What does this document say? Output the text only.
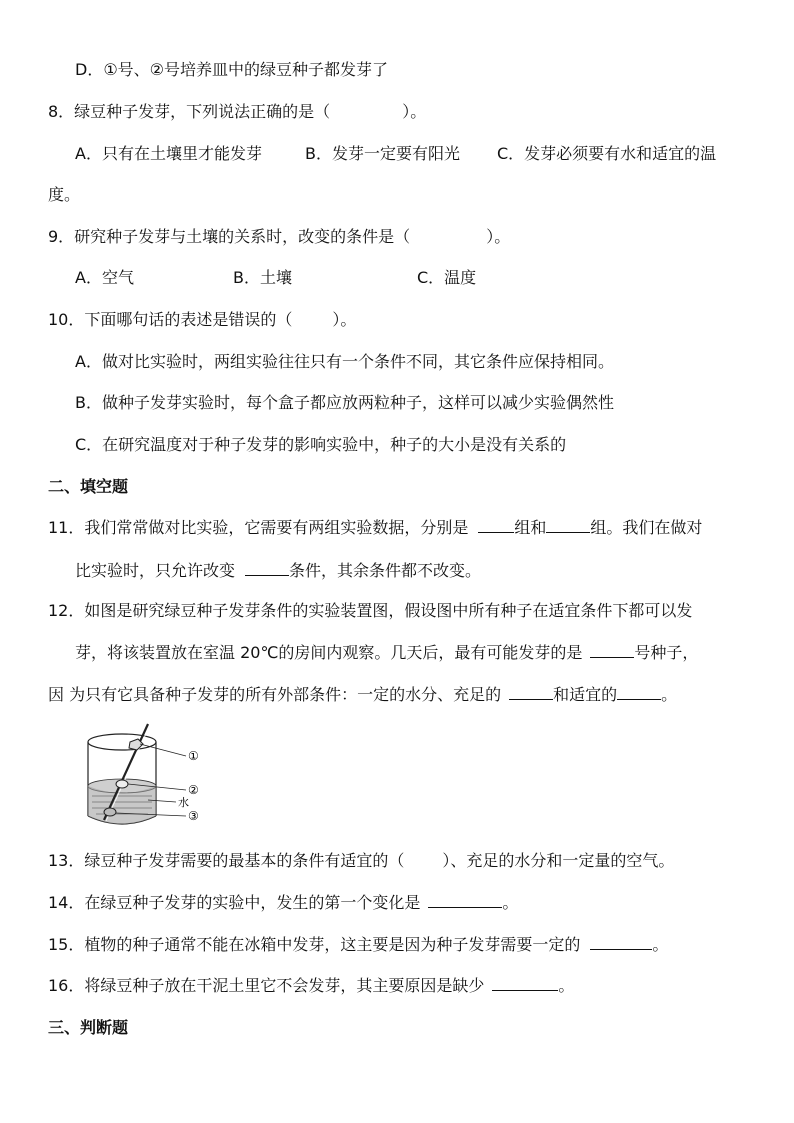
D．①号、②号培养皿中的绿豆种子都发芽了
8．绿豆种子发芽，下列说法正确的是（	）。
A．只有在土壤里才能发芽	B．发芽一定要有阳光 C．发芽必须要有水和适宜的温
度。
9．研究种子发芽与土壤的关系时，改变的条件是（	）。
A．空气	B．土壤	C．温度
10．下面哪句话的表述是错误的（	）。
A．做对比实验时，两组实验往往只有一个条件不同，其它条件应保持相同。
B．做种子发芽实验时，每个盒子都应放两粒种子，这样可以减少实验偶然性
C．在研究温度对于种子发芽的影响实验中，种子的大小是没有关系的
二、填空题
11．我们常常做对比实验，它需要有两组实验数据，分别是	组和	组。我们在做对
比实验时，只允许改变	条件，其余条件都不改变。
12．如图是研究绿豆种子发芽条件的实验装置图，假设图中所有种子在适宜条件下都可以发
芽，将该装置放在室温 20℃的房间内观察。几天后，最有可能发芽的是	号种子，
因 为只有它具备种子发芽的所有外部条件：一定的水分、充足的	和适宜的	。
①
②
水
③
13．绿豆种子发芽需要的最基本的条件有适宜的（ ）、充足的水分和一定量的空气。
14．在绿豆种子发芽的实验中，发生的第一个变化是	。
15．植物的种子通常不能在冰箱中发芽，这主要是因为种子发芽需要一定的	。
16．将绿豆种子放在干泥土里它不会发芽，其主要原因是缺少	。
三、判断题
